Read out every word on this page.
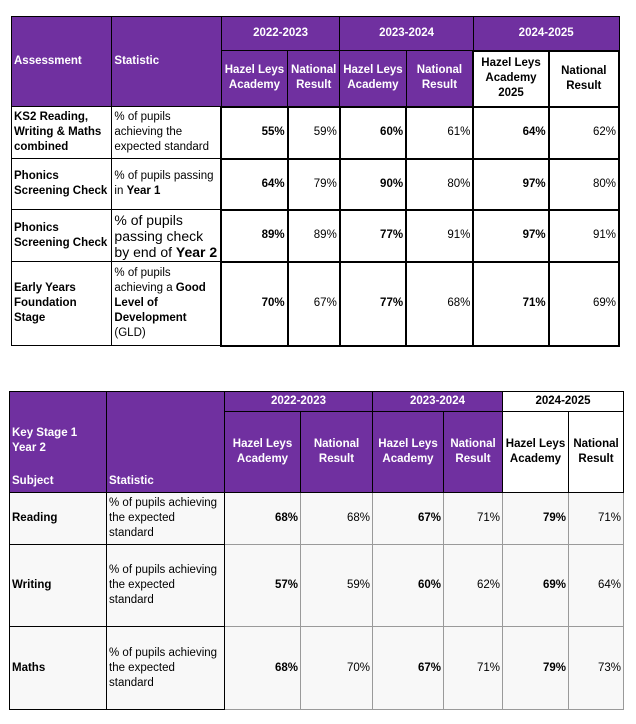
Assessment	Statistic	2022-2023		2023-2024		2024-2025	
		Hazel Leys Academy	National Result	Hazel Leys Academy	National Result	Hazel Leys Academy 2025	National Result
KS2 Reading, Writing & Maths combined	% of pupils achieving the expected standard	55%	59%	60%	61%	64%	62%
Phonics Screening Check	% of pupils passing in Year 1	64%	79%	90%	80%	97%	80%
Phonics Screening Check	% of pupils passing check by end of Year 2	89%	89%	77%	91%	97%	91%
Early Years Foundation Stage	% of pupils achieving a Good Level of Development (GLD)	70%	67%	77%	68%	71%	69%
Key Stage 1
Year 2
Subject	Statistic	2022-2023		2023-2024		2024-2025	
		Hazel Leys Academy	National Result	Hazel Leys Academy	National Result	Hazel Leys Academy	National Result
Reading	% of pupils achieving the expected standard	68%	68%	67%	71%	79%	71%
Writing	% of pupils achieving the expected standard	57%	59%	60%	62%	69%	64%
Maths	% of pupils achieving the expected standard	68%	70%	67%	71%	79%	73%
